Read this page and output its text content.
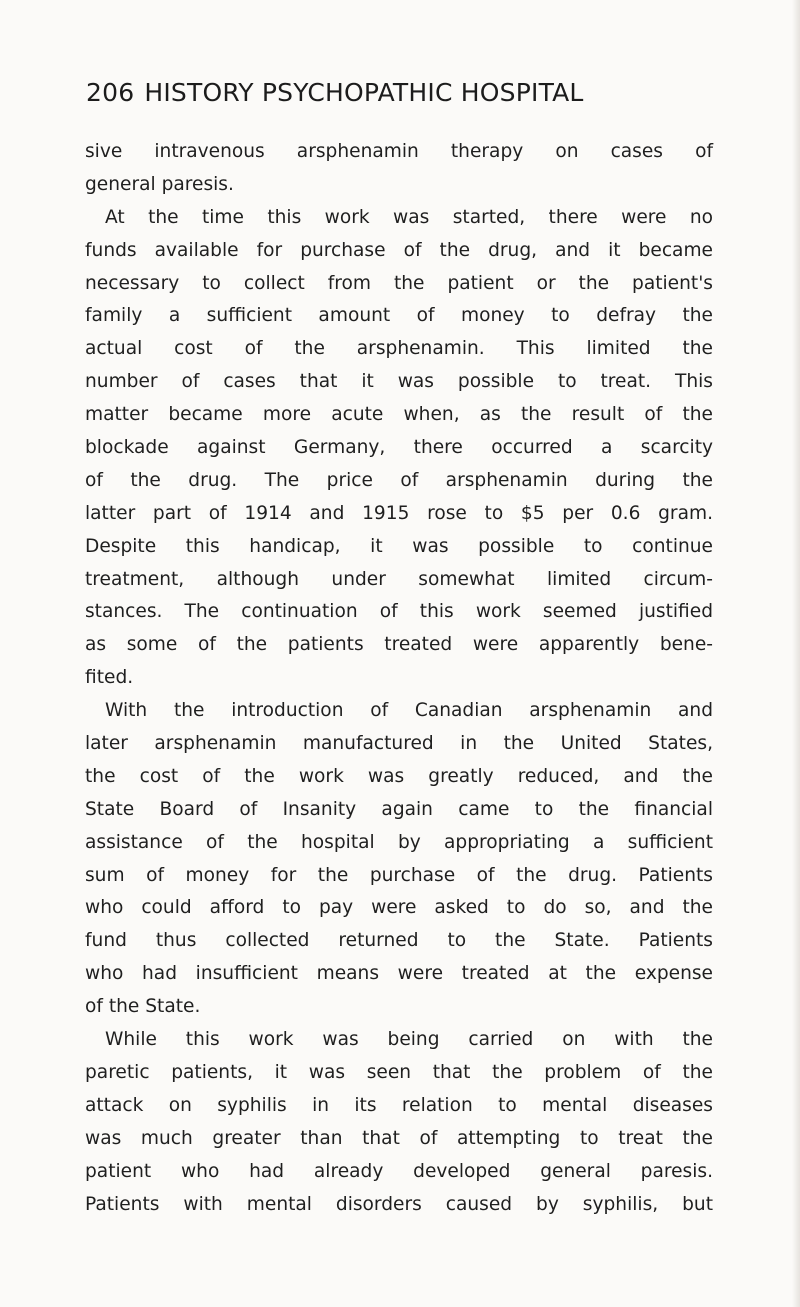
206 HISTORY PSYCHOPATHIC HOSPITAL
sive intravenous arsphenamin therapy on cases of
general paresis.
At the time this work was started, there were no
funds available for purchase of the drug, and it became
necessary to collect from the patient or the patient's
family a sufficient amount of money to defray the
actual cost of the arsphenamin. This limited the
number of cases that it was possible to treat. This
matter became more acute when, as the result of the
blockade against Germany, there occurred a scarcity
of the drug. The price of arsphenamin during the
latter part of 1914 and 1915 rose to $5 per 0.6 gram.
Despite this handicap, it was possible to continue
treatment, although under somewhat limited circum-
stances. The continuation of this work seemed justified
as some of the patients treated were apparently bene-
fited.
With the introduction of Canadian arsphenamin and
later arsphenamin manufactured in the United States,
the cost of the work was greatly reduced, and the
State Board of Insanity again came to the financial
assistance of the hospital by appropriating a sufficient
sum of money for the purchase of the drug. Patients
who could afford to pay were asked to do so, and the
fund thus collected returned to the State. Patients
who had insufficient means were treated at the expense
of the State.
While this work was being carried on with the
paretic patients, it was seen that the problem of the
attack on syphilis in its relation to mental diseases
was much greater than that of attempting to treat the
patient who had already developed general paresis.
Patients with mental disorders caused by syphilis, but
